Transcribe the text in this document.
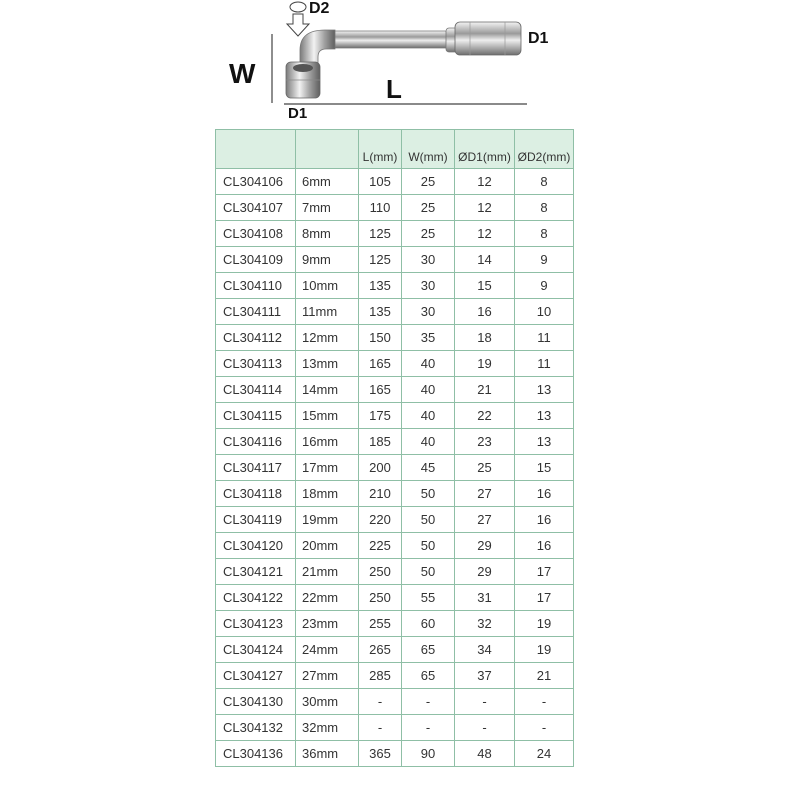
D2
D1
W	L
D1
		L(mm)	W(mm)	ØD1(mm)	ØD2(mm)
CL304106	6mm	105	25	12	8
CL304107	7mm	110	25	12	8
CL304108	8mm	125	25	12	8
CL304109	9mm	125	30	14	9
CL304110	10mm	135	30	15	9
CL304111	11mm	135	30	16	10
CL304112	12mm	150	35	18	11
CL304113	13mm	165	40	19	11
CL304114	14mm	165	40	21	13
CL304115	15mm	175	40	22	13
CL304116	16mm	185	40	23	13
CL304117	17mm	200	45	25	15
CL304118	18mm	210	50	27	16
CL304119	19mm	220	50	27	16
CL304120	20mm	225	50	29	16
CL304121	21mm	250	50	29	17
CL304122	22mm	250	55	31	17
CL304123	23mm	255	60	32	19
CL304124	24mm	265	65	34	19
CL304127	27mm	285	65	37	21
CL304130	30mm	-	-	-	-
CL304132	32mm	-	-	-	-
CL304136	36mm	365	90	48	24
